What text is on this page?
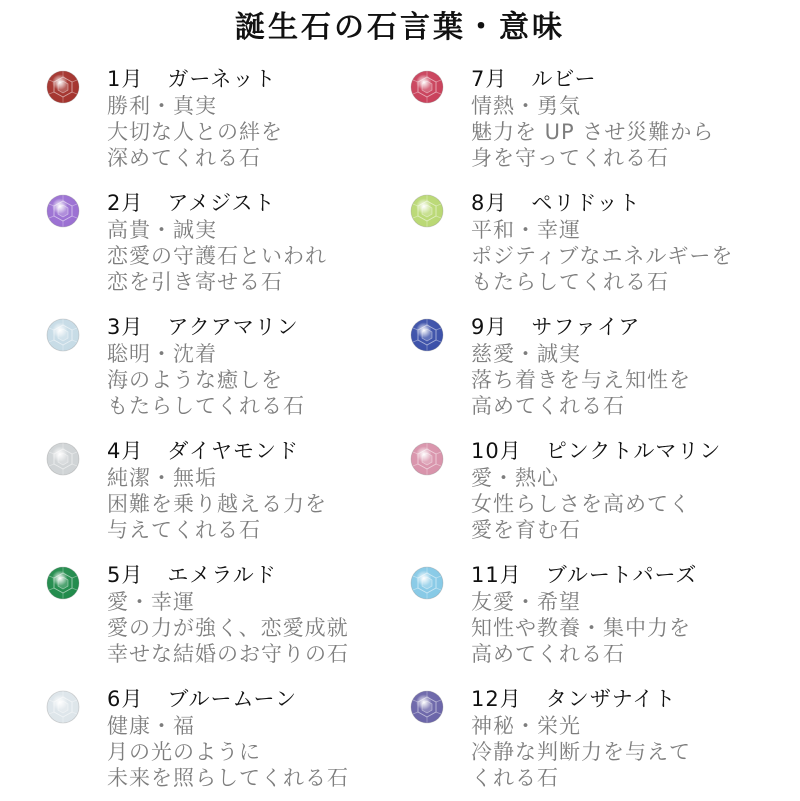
誕生石の石言葉・意味
1月 ガーネット
勝利・真実
大切な人との絆を
深めてくれる石
2月 アメジスト
高貴・誠実
恋愛の守護石といわれ
恋を引き寄せる石
3月 アクアマリン
聡明・沈着
海のような癒しを
もたらしてくれる石
4月 ダイヤモンド
純潔・無垢
困難を乗り越える力を
与えてくれる石
5月 エメラルド
愛・幸運
愛の力が強く、恋愛成就
幸せな結婚のお守りの石
6月 ブルームーン
健康・福
月の光のように
未来を照らしてくれる石
7月 ルビー
情熱・勇気
魅力を UP させ災難から
身を守ってくれる石
8月 ペリドット
平和・幸運
ポジティブなエネルギーを
もたらしてくれる石
9月 サファイア
慈愛・誠実
落ち着きを与え知性を
高めてくれる石
10月 ピンクトルマリン
愛・熱心
女性らしさを高めてく
愛を育む石
11月 ブルートパーズ
友愛・希望
知性や教養・集中力を
高めてくれる石
12月 タンザナイト
神秘・栄光
冷静な判断力を与えて
くれる石
